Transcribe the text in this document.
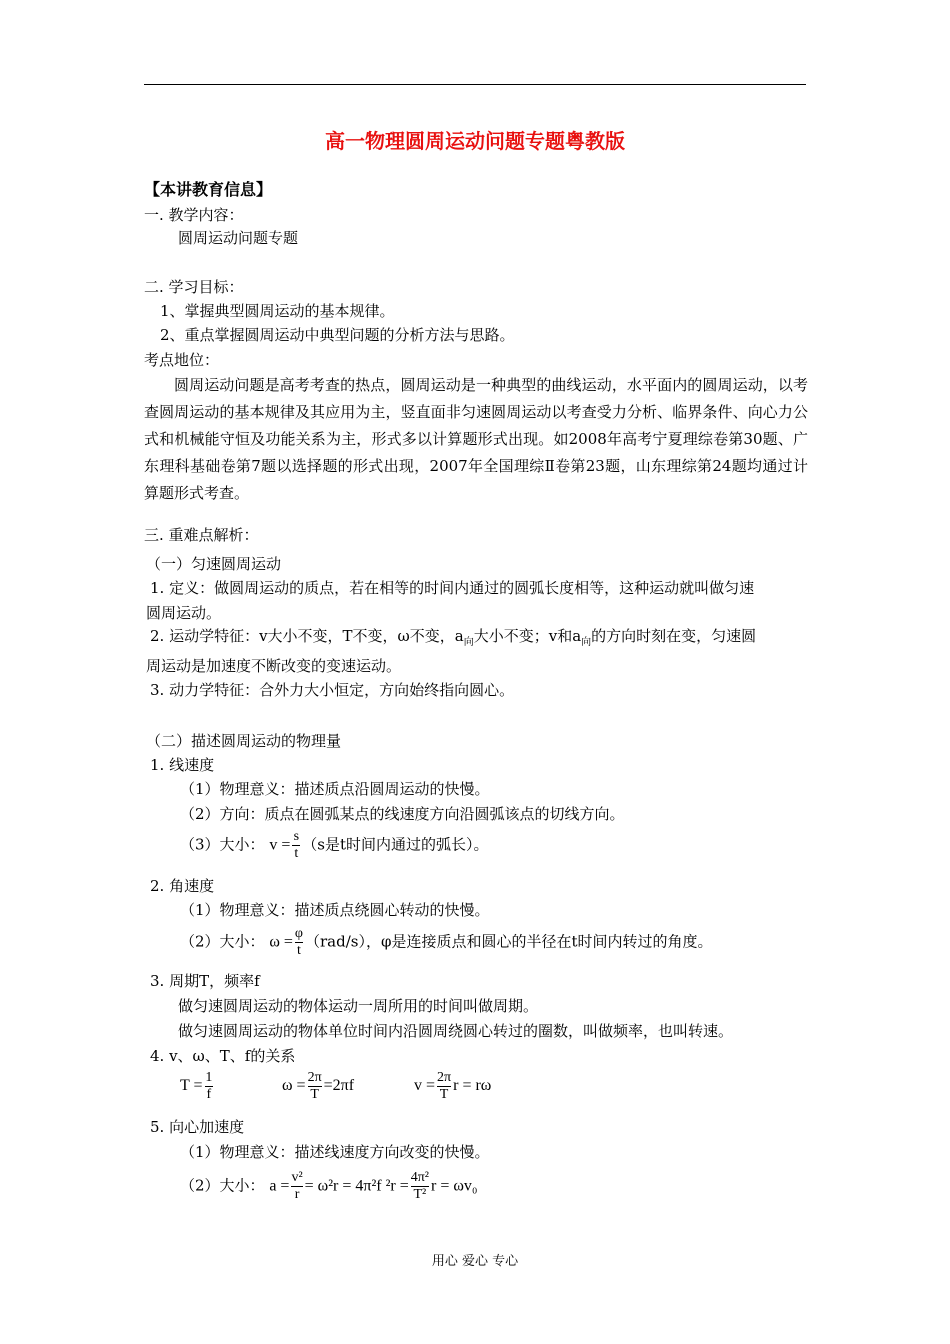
高一物理圆周运动问题专题粤教版
【本讲教育信息】
一. 教学内容：
圆周运动问题专题
二. 学习目标：
1、掌握典型圆周运动的基本规律。
2、重点掌握圆周运动中典型问题的分析方法与思路。
考点地位：
圆周运动问题是高考考查的热点，圆周运动是一种典型的曲线运动，水平面内的圆周运动，以考查圆周运动的基本规律及其应用为主，竖直面非匀速圆周运动以考查受力分析、临界条件、向心力公式和机械能守恒及功能关系为主，形式多以计算题形式出现。如2008年高考宁夏理综卷第30题、广东理科基础卷第7题以选择题的形式出现，2007年全国理综Ⅱ卷第23题，山东理综第24题均通过计算题形式考查。
三. 重难点解析：
（一）匀速圆周运动
1. 定义：做圆周运动的质点，若在相等的时间内通过的圆弧长度相等，这种运动就叫做匀速
圆周运动。
2. 运动学特征：v大小不变，T不变，ω不变，$a_向$大小不变；v和$a_向$的方向时刻在变，匀速圆
周运动是加速度不断改变的变速运动。
3. 动力学特征：合外力大小恒定，方向始终指向圆心。
（二）描述圆周运动的物理量
1. 线速度
（1）物理意义：描述质点沿圆周运动的快慢。
（2）方向：质点在圆弧某点的线速度方向沿圆弧该点的切线方向。
（3）大小： $v = \frac{s}{t} (s$是t时间内通过的弧长）。
2. 角速度
（1）物理意义：描述质点绕圆心转动的快慢。
（2）大小： $\omega = \frac{\varphi}{t} (rad/s)$，φ是连接质点和圆心的半径在t时间内转过的角度。
3. 周期T，频率f
做匀速圆周运动的物体运动一周所用的时间叫做周期。
做匀速圆周运动的物体单位时间内沿圆周绕圆心转过的圈数，叫做频率，也叫转速。
4. v、ω、T、f的关系
$T = \frac{1}{f}$	$\omega = \frac{2\pi}{T} =2\pi f$	$v = \frac{2\pi}{T}$ r = rω
5. 向心加速度
（1）物理意义：描述线速度方向改变的快慢。
（2）大小： $a = \frac{\text{v²}}{r} = \omega^2r = 4\pi^2f$ $^2r = \frac{\text{4π²}}{\text{T²}}$ r = ωv₀
用心 爱心 专心
